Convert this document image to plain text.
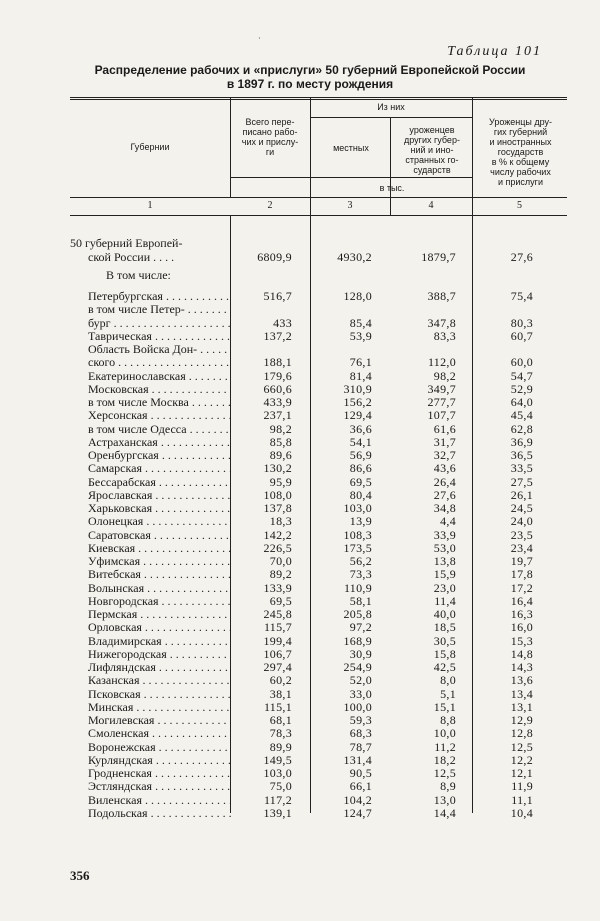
·
Таблица 101
Распределение рабочих и «прислуги» 50 губерний Европейской России
в 1897 г. по месту рождения
Губернии
Всего пере-
писано рабо-
чих и прислу-
ги
Из них
местных
уроженцев
других губер-
ний и ино-
странных го-
сударств
Уроженцы дру-
гих губерний
и иностранных
государств
в % к общему
числу рабочих
и прислуги
в тыс.
1	2	3	4	5
50 губерний Европей-
ской России . . . .	6809,9	4930,2	1879,7	27,6
В том числе:
Петербургская . . .	516,7	128,0	388,7	75,4
в том числе Петер- . . .
бург . . .	433	85,4	347,8	80,3
Таврическая . . .	137,2	53,9	83,3	60,7
Область Войска Дон- . . .
ского . . .	188,1	76,1	112,0	60,0
Екатеринославская . . .	179,6	81,4	98,2	54,7
Московская . . .	660,6	310,9	349,7	52,9
в том числе Москва . . .	433,9	156,2	277,7	64,0
Херсонская . . .	237,1	129,4	107,7	45,4
в том числе Одесса . . .	98,2	36,6	61,6	62,8
Астраханская . . .	85,8	54,1	31,7	36,9
Оренбургская . . .	89,6	56,9	32,7	36,5
Самарская . . .	130,2	86,6	43,6	33,5
Бессарабская . . .	95,9	69,5	26,4	27,5
Ярославская . . .	108,0	80,4	27,6	26,1
Харьковская . . .	137,8	103,0	34,8	24,5
Олонецкая . . .	18,3	13,9	4,4	24,0
Саратовская . . .	142,2	108,3	33,9	23,5
Киевская . . .	226,5	173,5	53,0	23,4
Уфимская . . .	70,0	56,2	13,8	19,7
Витебская . . .	89,2	73,3	15,9	17,8
Волынская . . .	133,9	110,9	23,0	17,2
Новгородская . . .	69,5	58,1	11,4	16,4
Пермская . . .	245,8	205,8	40,0	16,3
Орловская . . .	115,7	97,2	18,5	16,0
Владимирская . . .	199,4	168,9	30,5	15,3
Нижегородская . . .	106,7	30,9	15,8	14,8
Лифляндская . . .	297,4	254,9	42,5	14,3
Казанская . . .	60,2	52,0	8,0	13,6
Псковская . . .	38,1	33,0	5,1	13,4
Минская . . .	115,1	100,0	15,1	13,1
Могилевская . . .	68,1	59,3	8,8	12,9
Смоленская . . .	78,3	68,3	10,0	12,8
Воронежская . . .	89,9	78,7	11,2	12,5
Курляндская . . .	149,5	131,4	18,2	12,2
Гродненская . . .	103,0	90,5	12,5	12,1
Эстляндская . . .	75,0	66,1	8,9	11,9
Виленская . . .	117,2	104,2	13,0	11,1
Подольская . . .	139,1	124,7	14,4	10,4
356
